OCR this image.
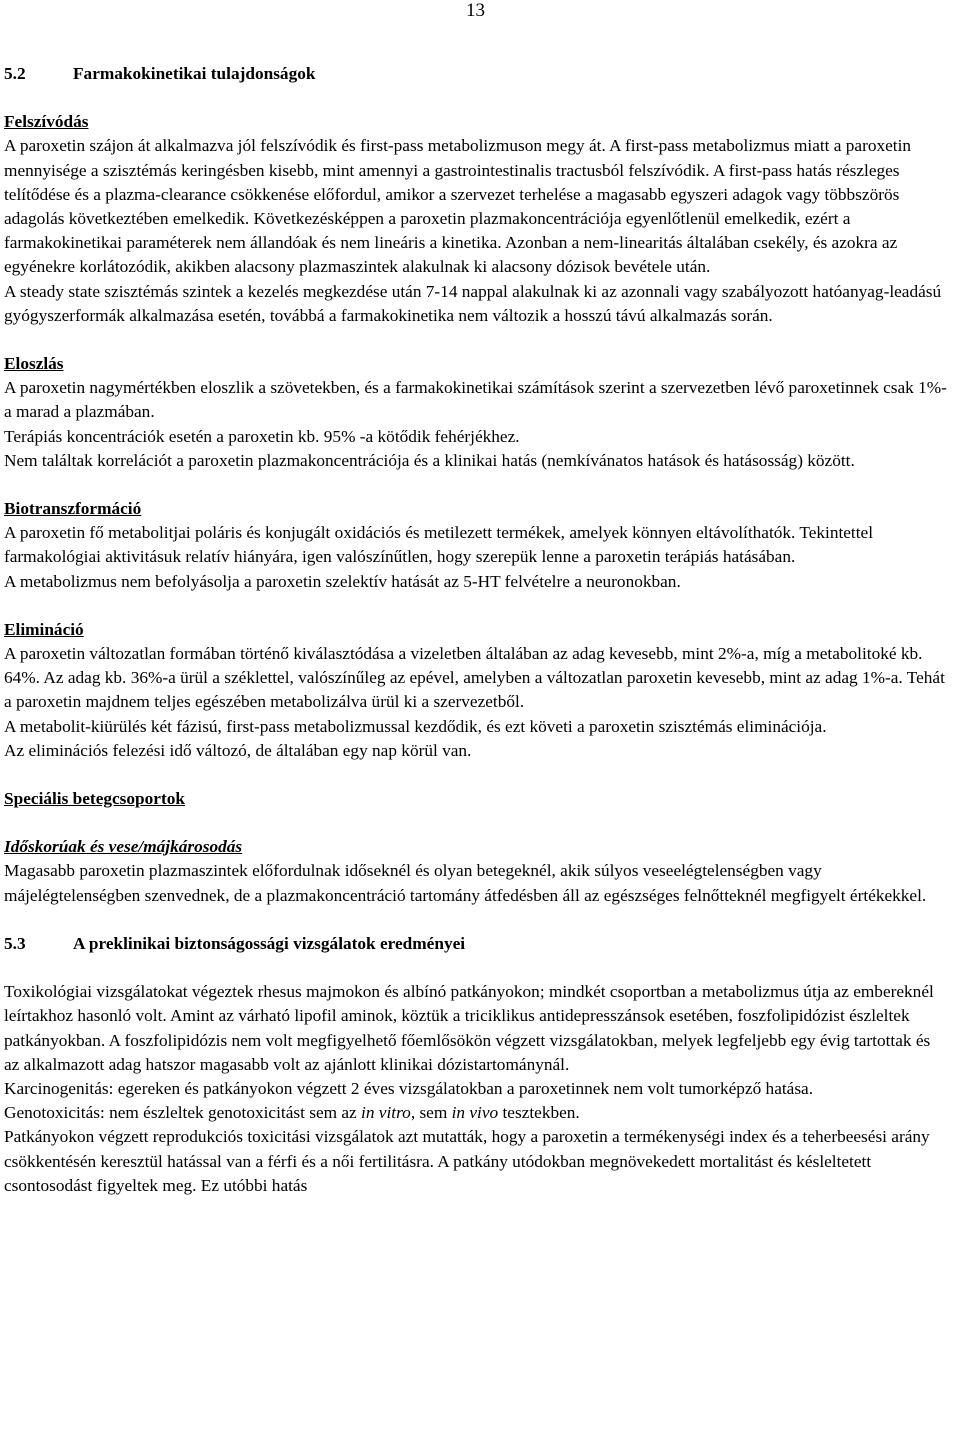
13
5.2	Farmakokinetikai tulajdonságok
Felszívódás

A paroxetin szájon át alkalmazva jól felszívódik és first-pass metabolizmuson megy át. A first-pass metabolizmus miatt a paroxetin mennyisége a szisztémás keringésben kisebb, mint amennyi a gastrointestinalis tractusból felszívódik. A first-pass hatás részleges telítődése és a plazma-clearance csökkenése előfordul, amikor a szervezet terhelése a magasabb egyszeri adagok vagy többszörös adagolás következtében emelkedik. Következésképpen a paroxetin plazmakoncentrációja egyenlőtlenül emelkedik, ezért a farmakokinetikai paraméterek nem állandóak és nem lineáris a kinetika. Azonban a nem-linearitás általában csekély, és azokra az egyénekre korlátozódik, akikben alacsony plazmaszintek alakulnak ki alacsony dózisok bevétele után.

A steady state szisztémás szintek a kezelés megkezdése után 7-14 nappal alakulnak ki az azonnali vagy szabályozott hatóanyag-leadású gyógyszerformák alkalmazása esetén, továbbá a farmakokinetika nem változik a hosszú távú alkalmazás során.

Eloszlás

A paroxetin nagymértékben eloszlik a szövetekben, és a farmakokinetikai számítások szerint a szervezetben lévő paroxetinnek csak 1%-a marad a plazmában.

Terápiás koncentrációk esetén a paroxetin kb. 95% -a kötődik fehérjékhez.

Nem találtak korrelációt a paroxetin plazmakoncentrációja és a klinikai hatás (nemkívánatos hatások és hatásosság) között.

Biotranszformáció

A paroxetin fő metabolitjai poláris és konjugált oxidációs és metilezett termékek, amelyek könnyen eltávolíthatók. Tekintettel farmakológiai aktivitásuk relatív hiányára, igen valószínűtlen, hogy szerepük lenne a paroxetin terápiás hatásában.

A metabolizmus nem befolyásolja a paroxetin szelektív hatását az 5-HT felvételre a neuronokban.

Elimináció

A paroxetin változatlan formában történő kiválasztódása a vizeletben általában az adag kevesebb, mint 2%-a, míg a metabolitoké kb. 64%. Az adag kb. 36%-a ürül a széklettel, valószínűleg az epével, amelyben a változatlan paroxetin kevesebb, mint az adag 1%-a. Tehát a paroxetin majdnem teljes egészében metabolizálva ürül ki a szervezetből.

A metabolit-kiürülés két fázisú, first-pass metabolizmussal kezdődik, és ezt követi a paroxetin szisztémás eliminációja.

Az eliminációs felezési idő változó, de általában egy nap körül van.

Speciális betegcsoportok
Időskorúak és vese/májkárosodás

Magasabb paroxetin plazmaszintek előfordulnak időseknél és olyan betegeknél, akik súlyos veseelégtelenségben vagy májelégtelenségben szenvednek, de a plazmakoncentráció tartomány átfedésben áll az egészséges felnőtteknél megfigyelt értékekkel.

5.3	A preklinikai biztonságossági vizsgálatok eredményei

Toxikológiai vizsgálatokat végeztek rhesus majmokon és albínó patkányokon; mindkét csoportban a metabolizmus útja az embereknél leírtakhoz hasonló volt. Amint az várható lipofil aminok, köztük a triciklikus antidepresszánsok esetében, foszfolipidózist észleltek patkányokban. A foszfolipidózis nem volt megfigyelhető főemlősökön végzett vizsgálatokban, melyek legfeljebb egy évig tartottak és az alkalmazott adag hatszor magasabb volt az ajánlott klinikai dózistartománynál.

Karcinogenitás: egereken és patkányokon végzett 2 éves vizsgálatokban a paroxetinnek nem volt tumorképző hatása.

Genotoxicitás: nem észleltek genotoxicitást sem az in vitro, sem in vivo tesztekben.

Patkányokon végzett reprodukciós toxicitási vizsgálatok azt mutatták, hogy a paroxetin a termékenységi index és a teherbeesési arány csökkentésén keresztül hatással van a férfi és a női fertilitásra. A patkány utódokban megnövekedett mortalitást és késleltetett csontosodást figyeltek meg. Ez utóbbi hatás
